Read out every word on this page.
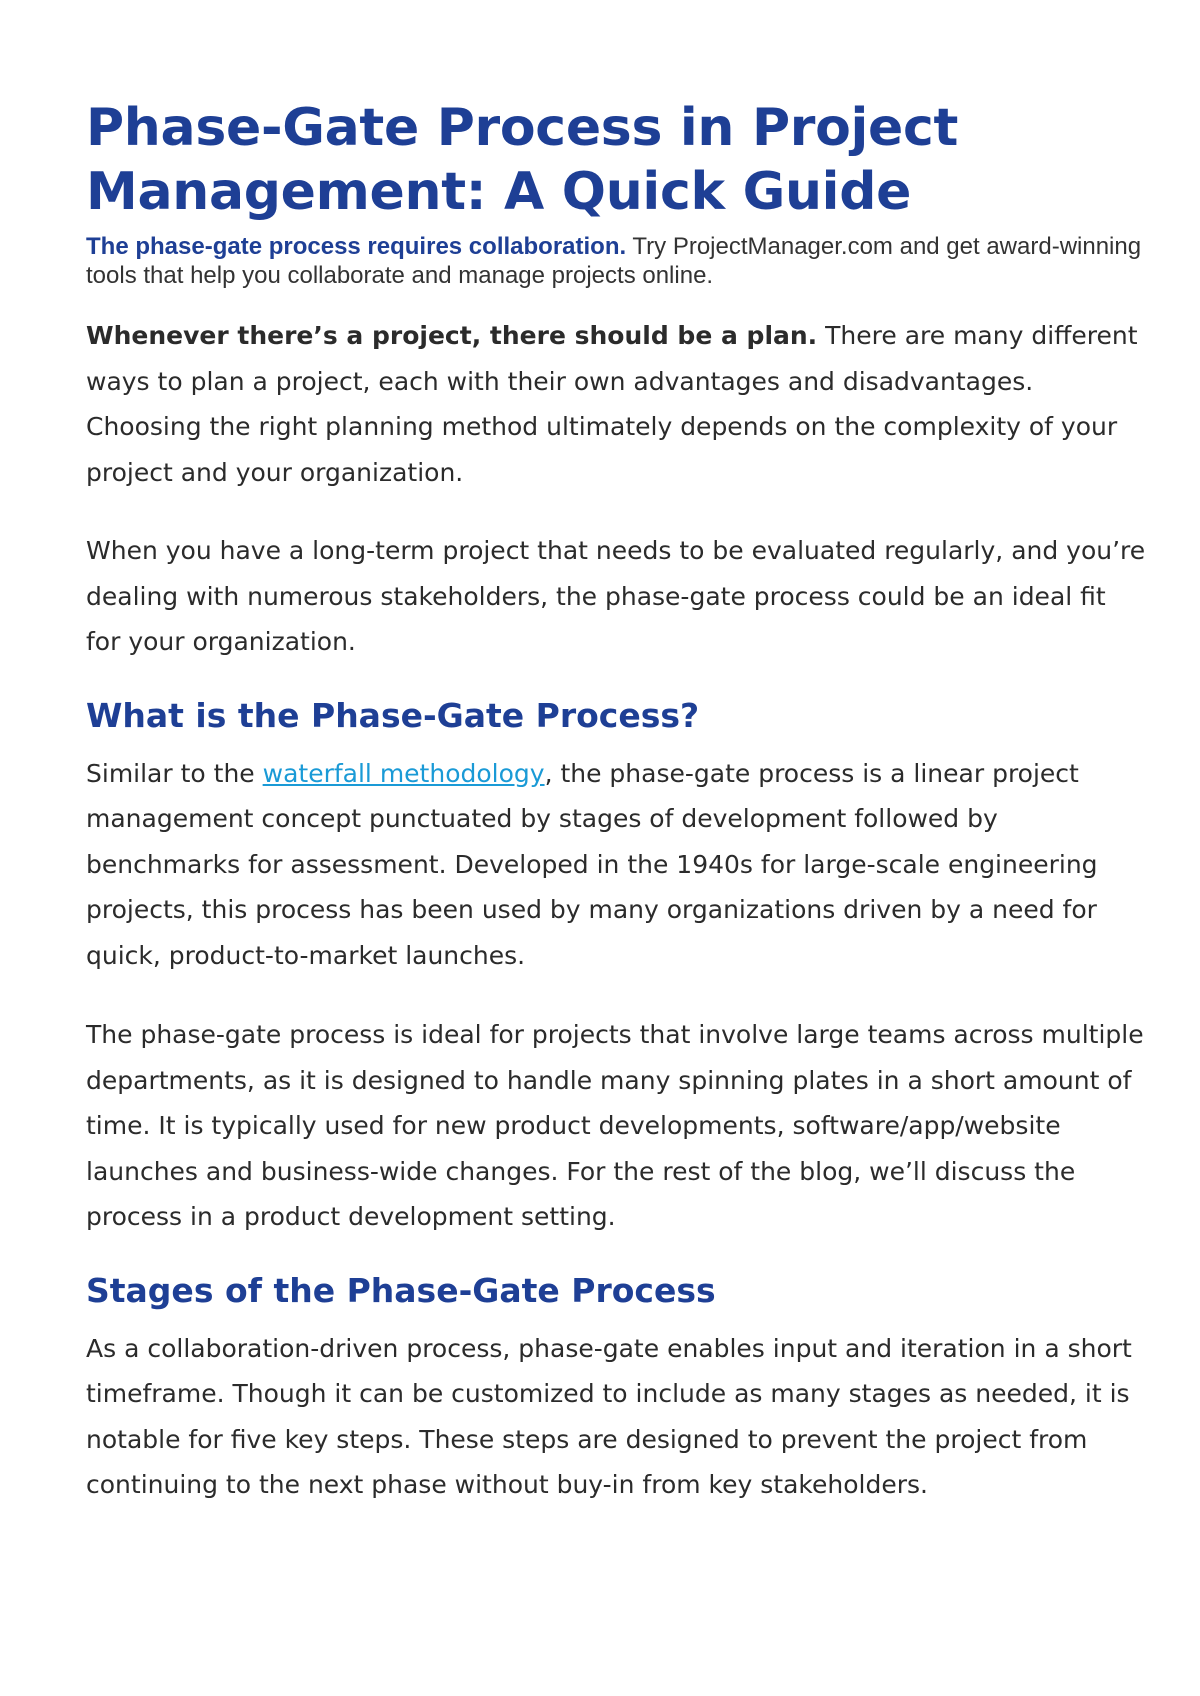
Phase-Gate Process in Project Management: A Quick Guide

The phase-gate process requires collaboration. Try ProjectManager.com and get award-winning tools that help you collaborate and manage projects online.

Whenever there’s a project, there should be a plan. There are many different ways to plan a project, each with their own advantages and disadvantages. Choosing the right planning method ultimately depends on the complexity of your project and your organization.

When you have a long-term project that needs to be evaluated regularly, and you’re dealing with numerous stakeholders, the phase-gate process could be an ideal fit for your organization.

What is the Phase-Gate Process?

Similar to the waterfall methodology, the phase-gate process is a linear project management concept punctuated by stages of development followed by benchmarks for assessment. Developed in the 1940s for large-scale engineering projects, this process has been used by many organizations driven by a need for quick, product-to-market launches.

The phase-gate process is ideal for projects that involve large teams across multiple departments, as it is designed to handle many spinning plates in a short amount of time. It is typically used for new product developments, software/app/website launches and business-wide changes. For the rest of the blog, we’ll discuss the process in a product development setting.

Stages of the Phase-Gate Process

As a collaboration-driven process, phase-gate enables input and iteration in a short timeframe. Though it can be customized to include as many stages as needed, it is notable for five key steps. These steps are designed to prevent the project from continuing to the next phase without buy-in from key stakeholders.
